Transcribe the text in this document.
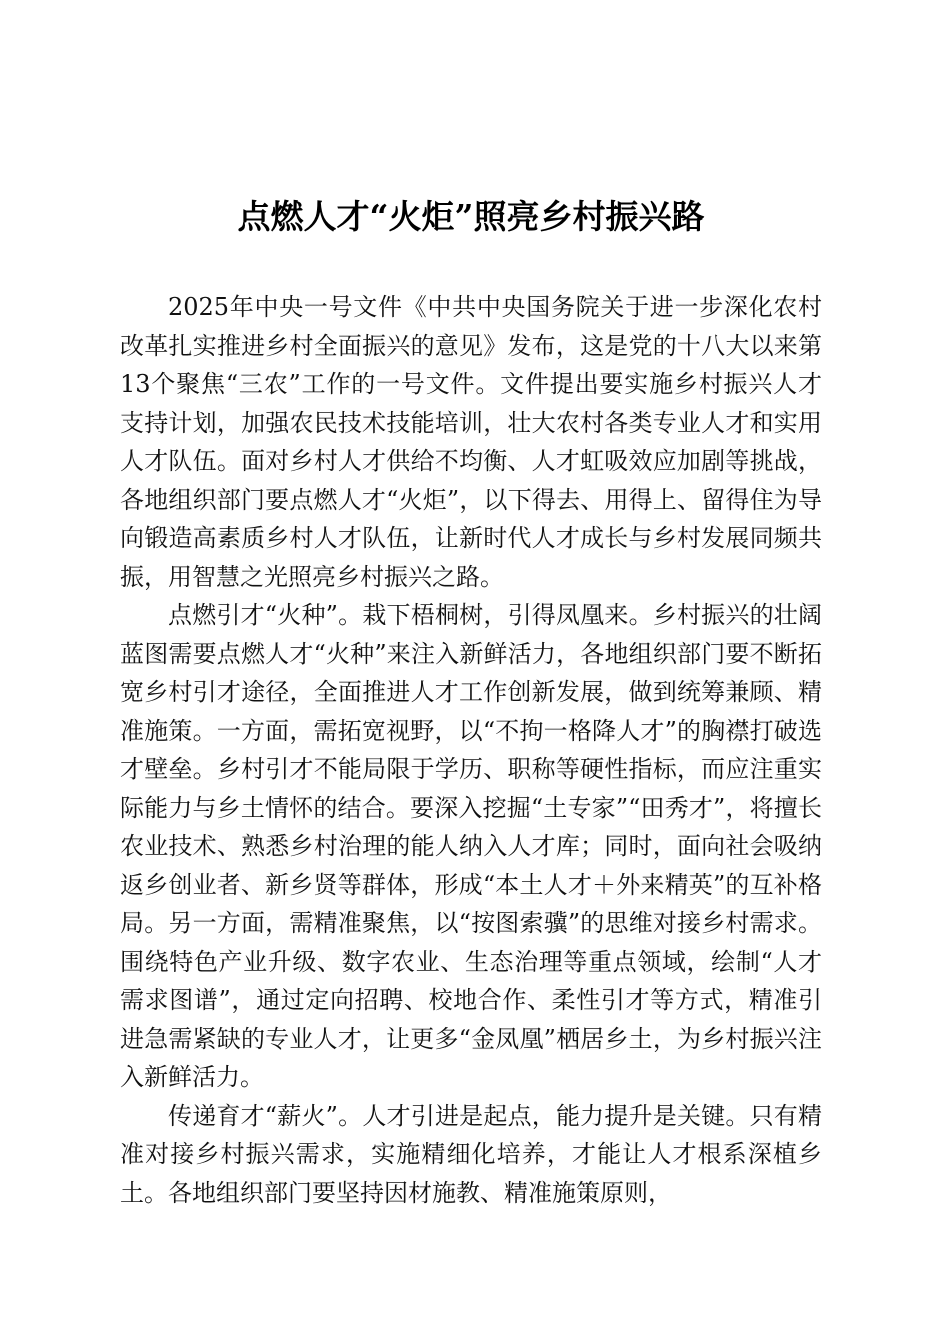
点燃人才“火炬”照亮乡村振兴路

2025年中央一号文件《中共中央国务院关于进一步深化农村改革扎实推进乡村全面振兴的意见》发布，这是党的十八大以来第13个聚焦“三农”工作的一号文件。文件提出要实施乡村振兴人才支持计划，加强农民技术技能培训，壮大农村各类专业人才和实用人才队伍。面对乡村人才供给不均衡、人才虹吸效应加剧等挑战，各地组织部门要点燃人才“火炬”，以下得去、用得上、留得住为导向锻造高素质乡村人才队伍，让新时代人才成长与乡村发展同频共振，用智慧之光照亮乡村振兴之路。

点燃引才“火种”。栽下梧桐树，引得凤凰来。乡村振兴的壮阔蓝图需要点燃人才“火种”来注入新鲜活力，各地组织部门要不断拓宽乡村引才途径，全面推进人才工作创新发展，做到统筹兼顾、精准施策。一方面，需拓宽视野，以“不拘一格降人才”的胸襟打破选才壁垒。乡村引才不能局限于学历、职称等硬性指标，而应注重实际能力与乡土情怀的结合。要深入挖掘“土专家”“田秀才”，将擅长农业技术、熟悉乡村治理的能人纳入人才库；同时，面向社会吸纳返乡创业者、新乡贤等群体，形成“本土人才＋外来精英”的互补格局。另一方面，需精准聚焦，以“按图索骥”的思维对接乡村需求。围绕特色产业升级、数字农业、生态治理等重点领域，绘制“人才需求图谱”，通过定向招聘、校地合作、柔性引才等方式，精准引进急需紧缺的专业人才，让更多“金凤凰”栖居乡土，为乡村振兴注入新鲜活力。

传递育才“薪火”。人才引进是起点，能力提升是关键。只有精准对接乡村振兴需求，实施精细化培养，才能让人才根系深植乡土。各地组织部门要坚持因材施教、精准施策原则，
